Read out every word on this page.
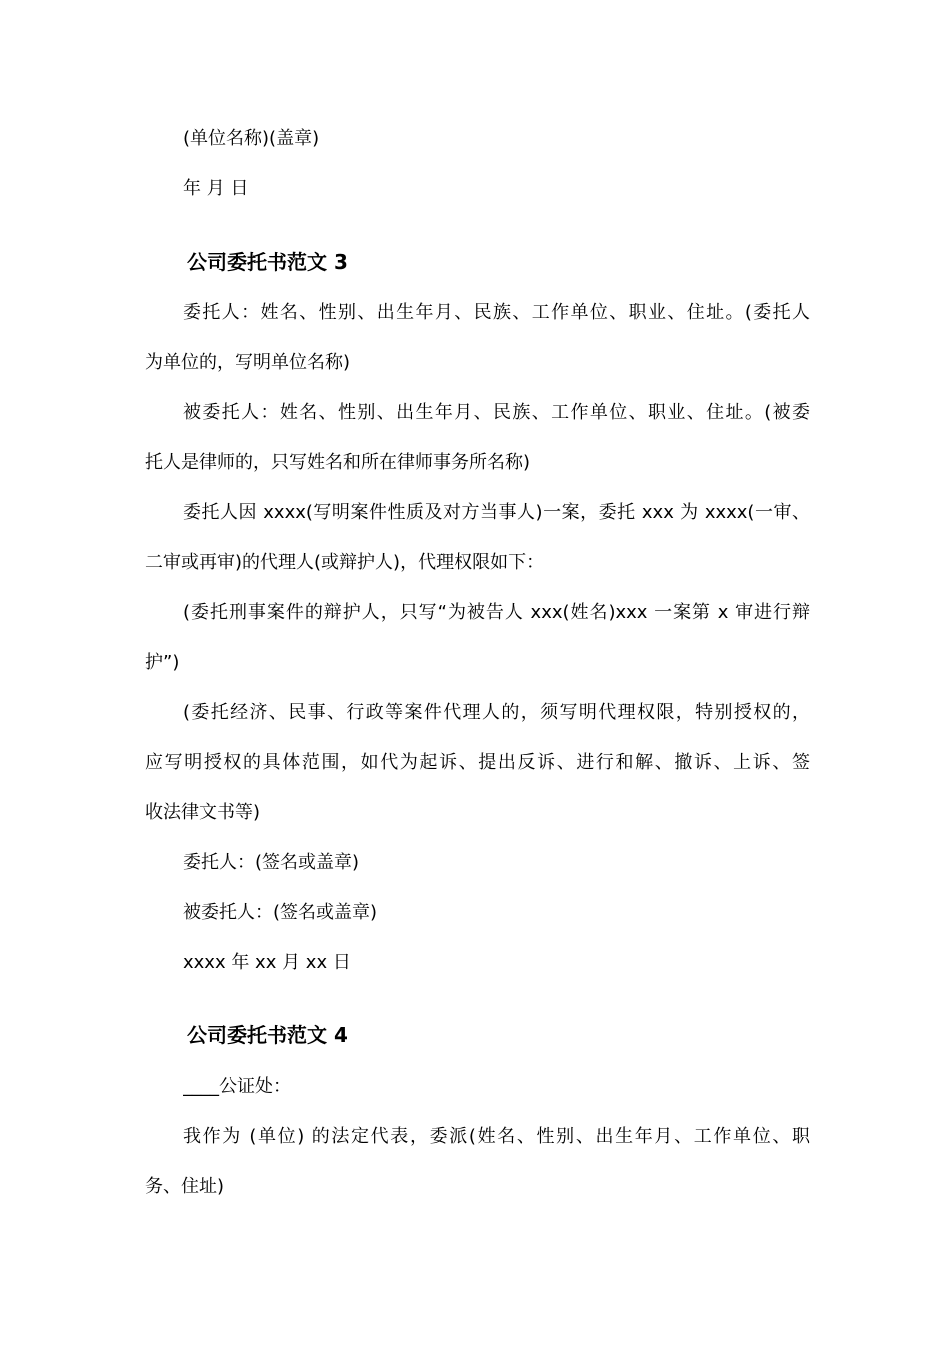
(单位名称)(盖章)
年 月 日
公司委托书范文 3
委托人：姓名、性别、出生年月、民族、工作单位、职业、住址。(委托人
为单位的，写明单位名称)
被委托人：姓名、性别、出生年月、民族、工作单位、职业、住址。(被委
托人是律师的，只写姓名和所在律师事务所名称)
委托人因 xxxx(写明案件性质及对方当事人)一案，委托 xxx 为 xxxx(一审、
二审或再审)的代理人(或辩护人)，代理权限如下：
(委托刑事案件的辩护人，只写“为被告人 xxx(姓名)xxx 一案第 x 审进行辩
护”)
(委托经济、民事、行政等案件代理人的，须写明代理权限，特别授权的，
应写明授权的具体范围，如代为起诉、提出反诉、进行和解、撤诉、上诉、签
收法律文书等)
委托人：(签名或盖章)
被委托人：(签名或盖章)
xxxx 年 xx 月 xx 日
公司委托书范文 4
____公证处：
我作为 (单位) 的法定代表，委派(姓名、性别、出生年月、工作单位、职
务、住址)
